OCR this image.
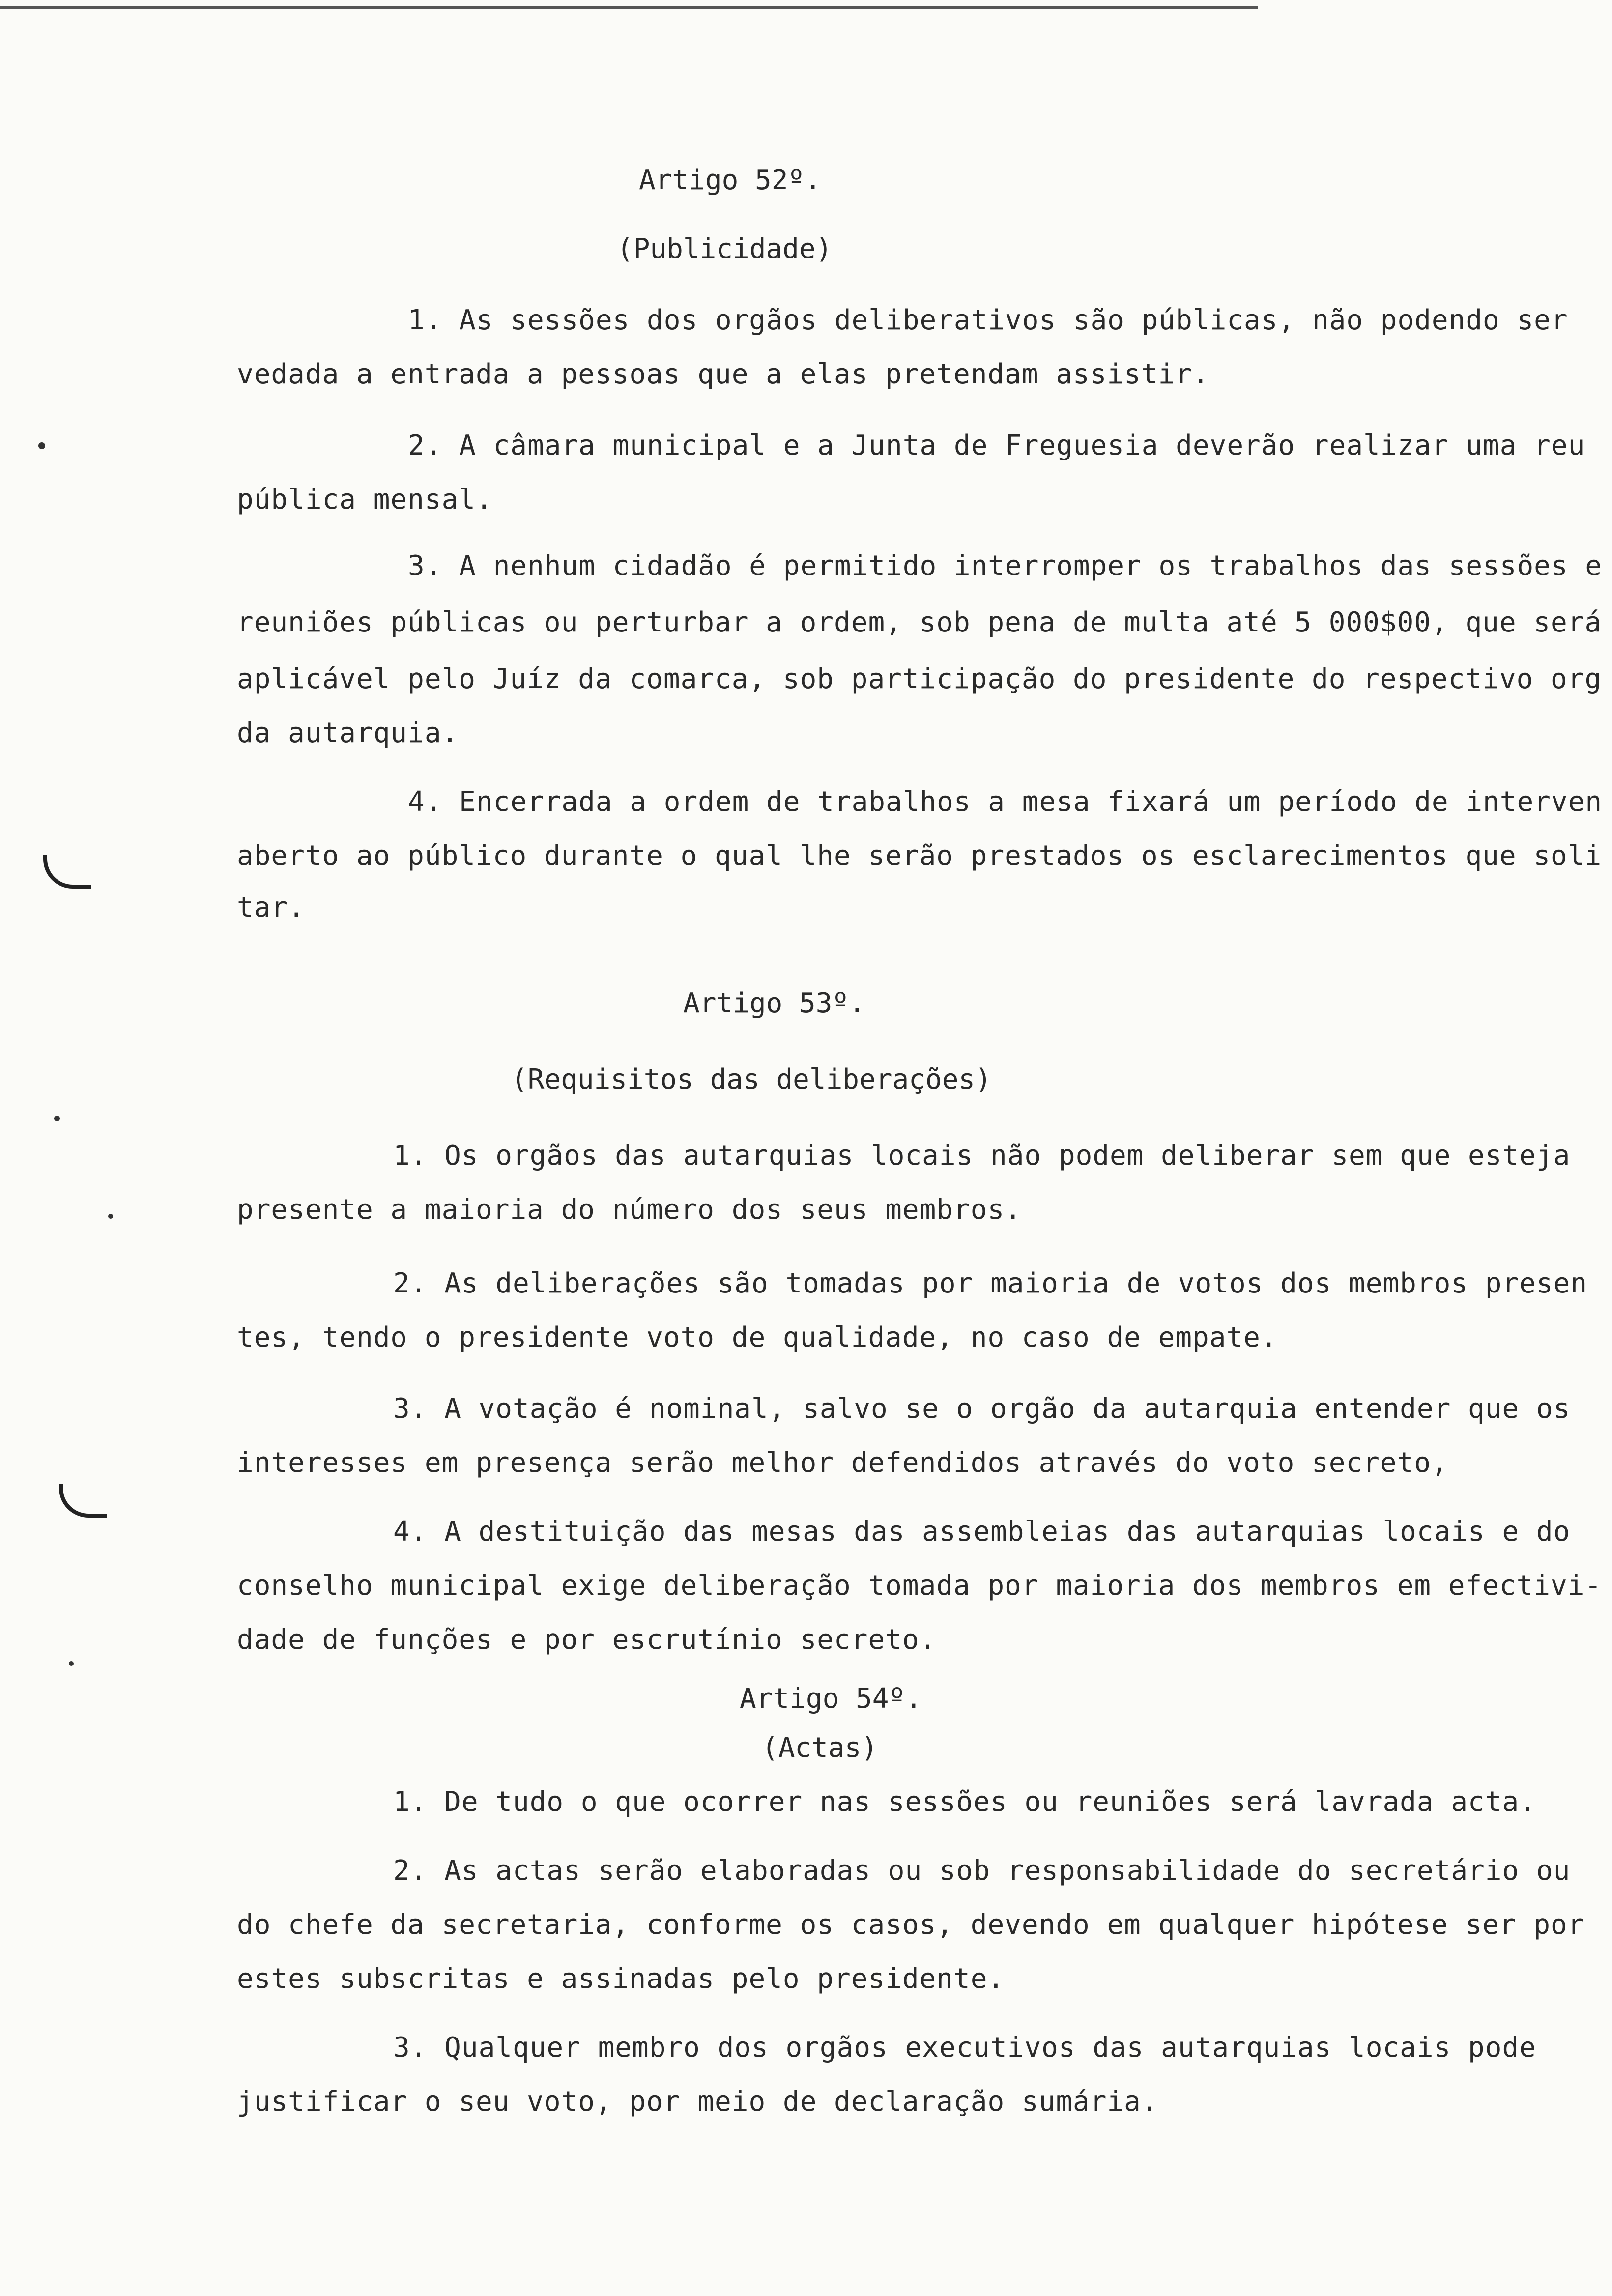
Artigo 52º.
(Publicidade)
1. As sessões dos orgãos deliberativos são públicas, não podendo ser
vedada a entrada a pessoas que a elas pretendam assistir.
2. A câmara municipal e a Junta de Freguesia deverão realizar uma reu
pública mensal.
3. A nenhum cidadão é permitido interromper os trabalhos das sessões e
reuniões públicas ou perturbar a ordem, sob pena de multa até 5 000$00, que será
aplicável pelo Juíz da comarca, sob participação do presidente do respectivo org
da autarquia.
4. Encerrada a ordem de trabalhos a mesa fixará um período de interven
aberto ao público durante o qual lhe serão prestados os esclarecimentos que soli
tar.
Artigo 53º.
(Requisitos das deliberações)
1. Os orgãos das autarquias locais não podem deliberar sem que esteja
presente a maioria do número dos seus membros.
2. As deliberações são tomadas por maioria de votos dos membros presen
tes, tendo o presidente voto de qualidade, no caso de empate.
3. A votação é nominal, salvo se o orgão da autarquia entender que os
interesses em presença serão melhor defendidos através do voto secreto,
4. A destituição das mesas das assembleias das autarquias locais e do
conselho municipal exige deliberação tomada por maioria dos membros em efectivi-
dade de funções e por escrutínio secreto.
Artigo 54º.
(Actas)
1. De tudo o que ocorrer nas sessões ou reuniões será lavrada acta.
2. As actas serão elaboradas ou sob responsabilidade do secretário ou
do chefe da secretaria, conforme os casos, devendo em qualquer hipótese ser por
estes subscritas e assinadas pelo presidente.
3. Qualquer membro dos orgãos executivos das autarquias locais pode
justificar o seu voto, por meio de declaração sumária.
